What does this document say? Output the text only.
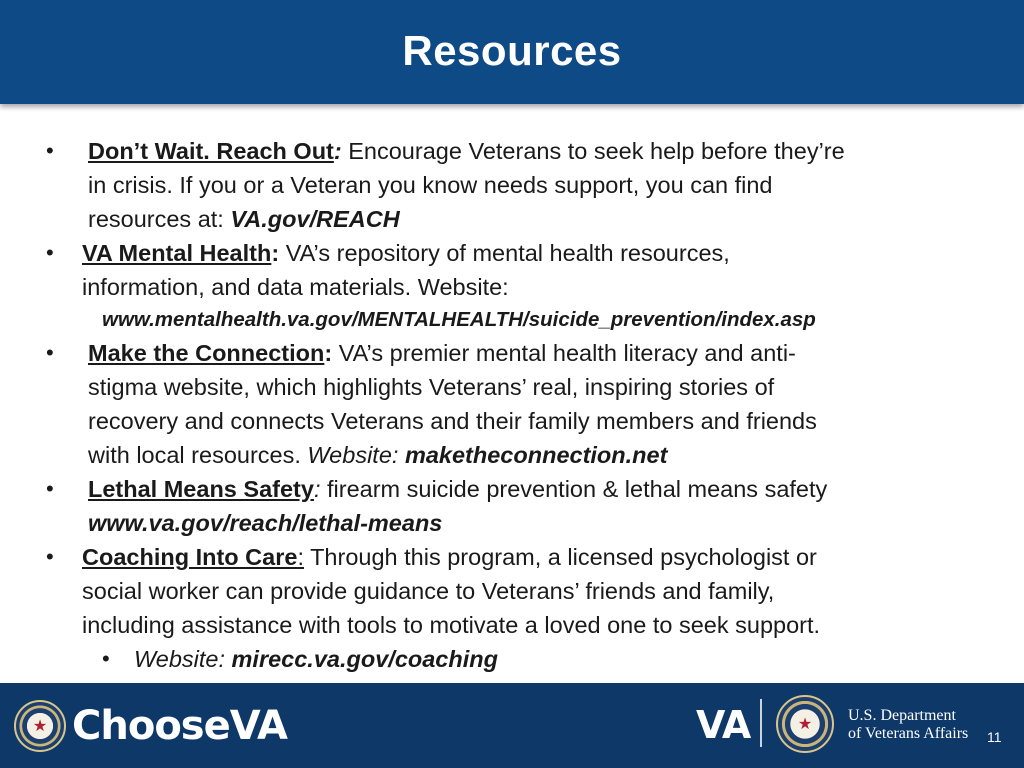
Resources
• Don’t Wait. Reach Out: Encourage Veterans to seek help before they’re
in crisis. If you or a Veteran you know needs support, you can find
resources at: VA.gov/REACH
• VA Mental Health: VA’s repository of mental health resources,
information, and data materials. Website:
www.mentalhealth.va.gov/MENTALHEALTH/suicide_prevention/index.asp
• Make the Connection: VA’s premier mental health literacy and anti-
stigma website, which highlights Veterans’ real, inspiring stories of
recovery and connects Veterans and their family members and friends
with local resources. Website: maketheconnection.net
• Lethal Means Safety: firearm suicide prevention & lethal means safety
www.va.gov/reach/lethal-means
• Coaching Into Care: Through this program, a licensed psychologist or
social worker can provide guidance to Veterans’ friends and family,
including assistance with tools to motivate a loved one to seek support.
• Website: mirecc.va.gov/coaching
★
ChooseVA	VA
★	U.S. Department
of Veterans Affairs 11
